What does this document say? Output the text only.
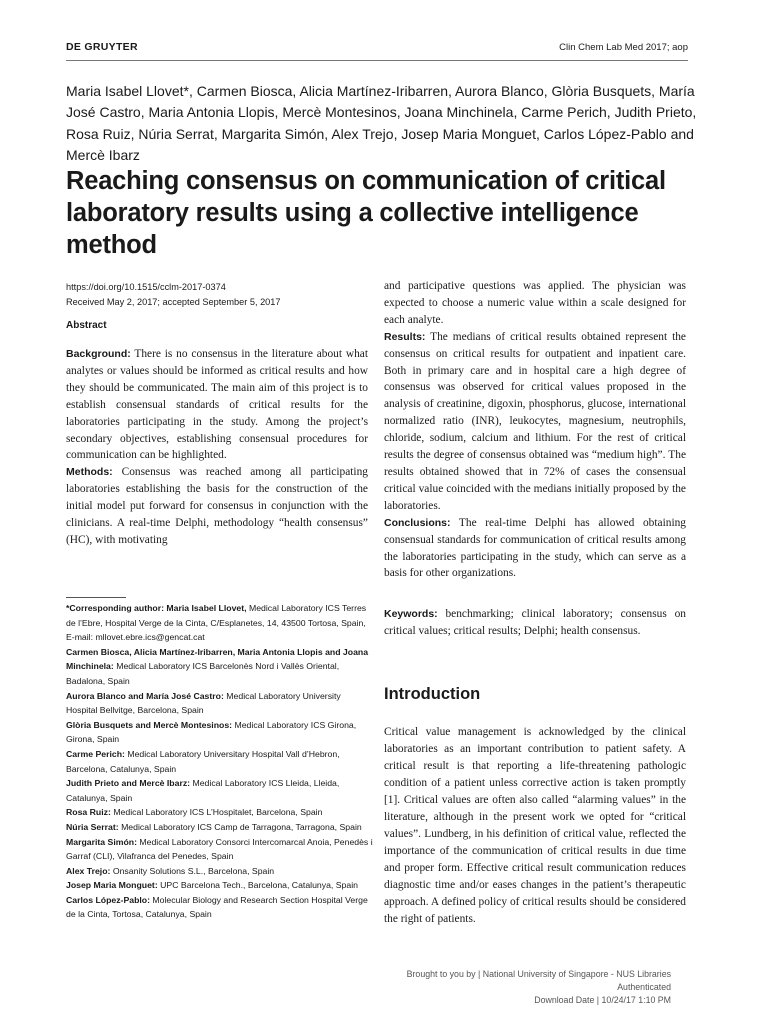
DE GRUYTER	Clin Chem Lab Med 2017; aop
Maria Isabel Llovet*, Carmen Biosca, Alicia Martínez-Iribarren, Aurora Blanco, Glòria Busquets, María José Castro, Maria Antonia Llopis, Mercè Montesinos, Joana Minchinela, Carme Perich, Judith Prieto, Rosa Ruiz, Núria Serrat, Margarita Simón, Alex Trejo, Josep Maria Monguet, Carlos López-Pablo and Mercè Ibarz
Reaching consensus on communication of critical laboratory results using a collective intelligence method
https://doi.org/10.1515/cclm-2017-0374
Received May 2, 2017; accepted September 5, 2017
Abstract

Background: There is no consensus in the literature about what analytes or values should be informed as critical results and how they should be communicated. The main aim of this project is to establish consensual standards of critical results for the laboratories participating in the study. Among the project’s secondary objectives, establishing consensual procedures for communication can be highlighted.

Methods: Consensus was reached among all participating laboratories establishing the basis for the construction of the initial model put forward for consensus in conjunction with the clinicians. A real-time Delphi, methodology “health consensus” (HC), with motivating

*Corresponding author: Maria Isabel Llovet, Medical Laboratory ICS Terres de l’Ebre, Hospital Verge de la Cinta, C/Esplanetes, 14, 43500 Tortosa, Spain, E-mail: mllovet.ebre.ics@gencat.cat

Carmen Biosca, Alicia Martínez-Iribarren, Maria Antonia Llopis and Joana Minchinela: Medical Laboratory ICS Barcelonès Nord i Vallès Oriental, Badalona, Spain

Aurora Blanco and María José Castro: Medical Laboratory University Hospital Bellvitge, Barcelona, Spain

Glòria Busquets and Mercè Montesinos: Medical Laboratory ICS Girona, Girona, Spain

Carme Perich: Medical Laboratory Universitary Hospital Vall d’Hebron, Barcelona, Catalunya, Spain

Judith Prieto and Mercè Ibarz: Medical Laboratory ICS Lleida, Lleida, Catalunya, Spain

Rosa Ruiz: Medical Laboratory ICS L’Hospitalet, Barcelona, Spain

Núria Serrat: Medical Laboratory ICS Camp de Tarragona, Tarragona, Spain

Margarita Simón: Medical Laboratory Consorci Intercomarcal Anoia, Penedès i Garraf (CLI), Vilafranca del Penedes, Spain

Alex Trejo: Onsanity Solutions S.L., Barcelona, Spain

Josep Maria Monguet: UPC Barcelona Tech., Barcelona, Catalunya, Spain

Carlos López-Pablo: Molecular Biology and Research Section Hospital Verge de la Cinta, Tortosa, Catalunya, Spain

and participative questions was applied. The physician was expected to choose a numeric value within a scale designed for each analyte.

Results: The medians of critical results obtained represent the consensus on critical results for outpatient and inpatient care. Both in primary care and in hospital care a high degree of consensus was observed for critical values proposed in the analysis of creatinine, digoxin, phosphorus, glucose, international normalized ratio (INR), leukocytes, magnesium, neutrophils, chloride, sodium, calcium and lithium. For the rest of critical results the degree of consensus obtained was “medium high”. The results obtained showed that in 72% of cases the consensual critical value coincided with the medians initially proposed by the laboratories.

Conclusions: The real-time Delphi has allowed obtaining consensual standards for communication of critical results among the laboratories participating in the study, which can serve as a basis for other organizations.

Keywords: benchmarking; clinical laboratory; consensus on critical values; critical results; Delphi; health consensus.
Introduction
Critical value management is acknowledged by the clinical laboratories as an important contribution to patient safety. A critical result is that reporting a life-threatening pathologic condition of a patient unless corrective action is taken promptly [1]. Critical values are often also called “alarming values” in the literature, although in the present work we opted for “critical values”. Lundberg, in his definition of critical value, reflected the importance of the communication of critical results in due time and proper form. Effective critical result communication reduces diagnostic time and/or eases changes in the patient’s therapeutic approach. A defined policy of critical results should be considered the right of patients.
Brought to you by | National University of Singapore - NUS Libraries
Authenticated
Download Date | 10/24/17 1:10 PM
